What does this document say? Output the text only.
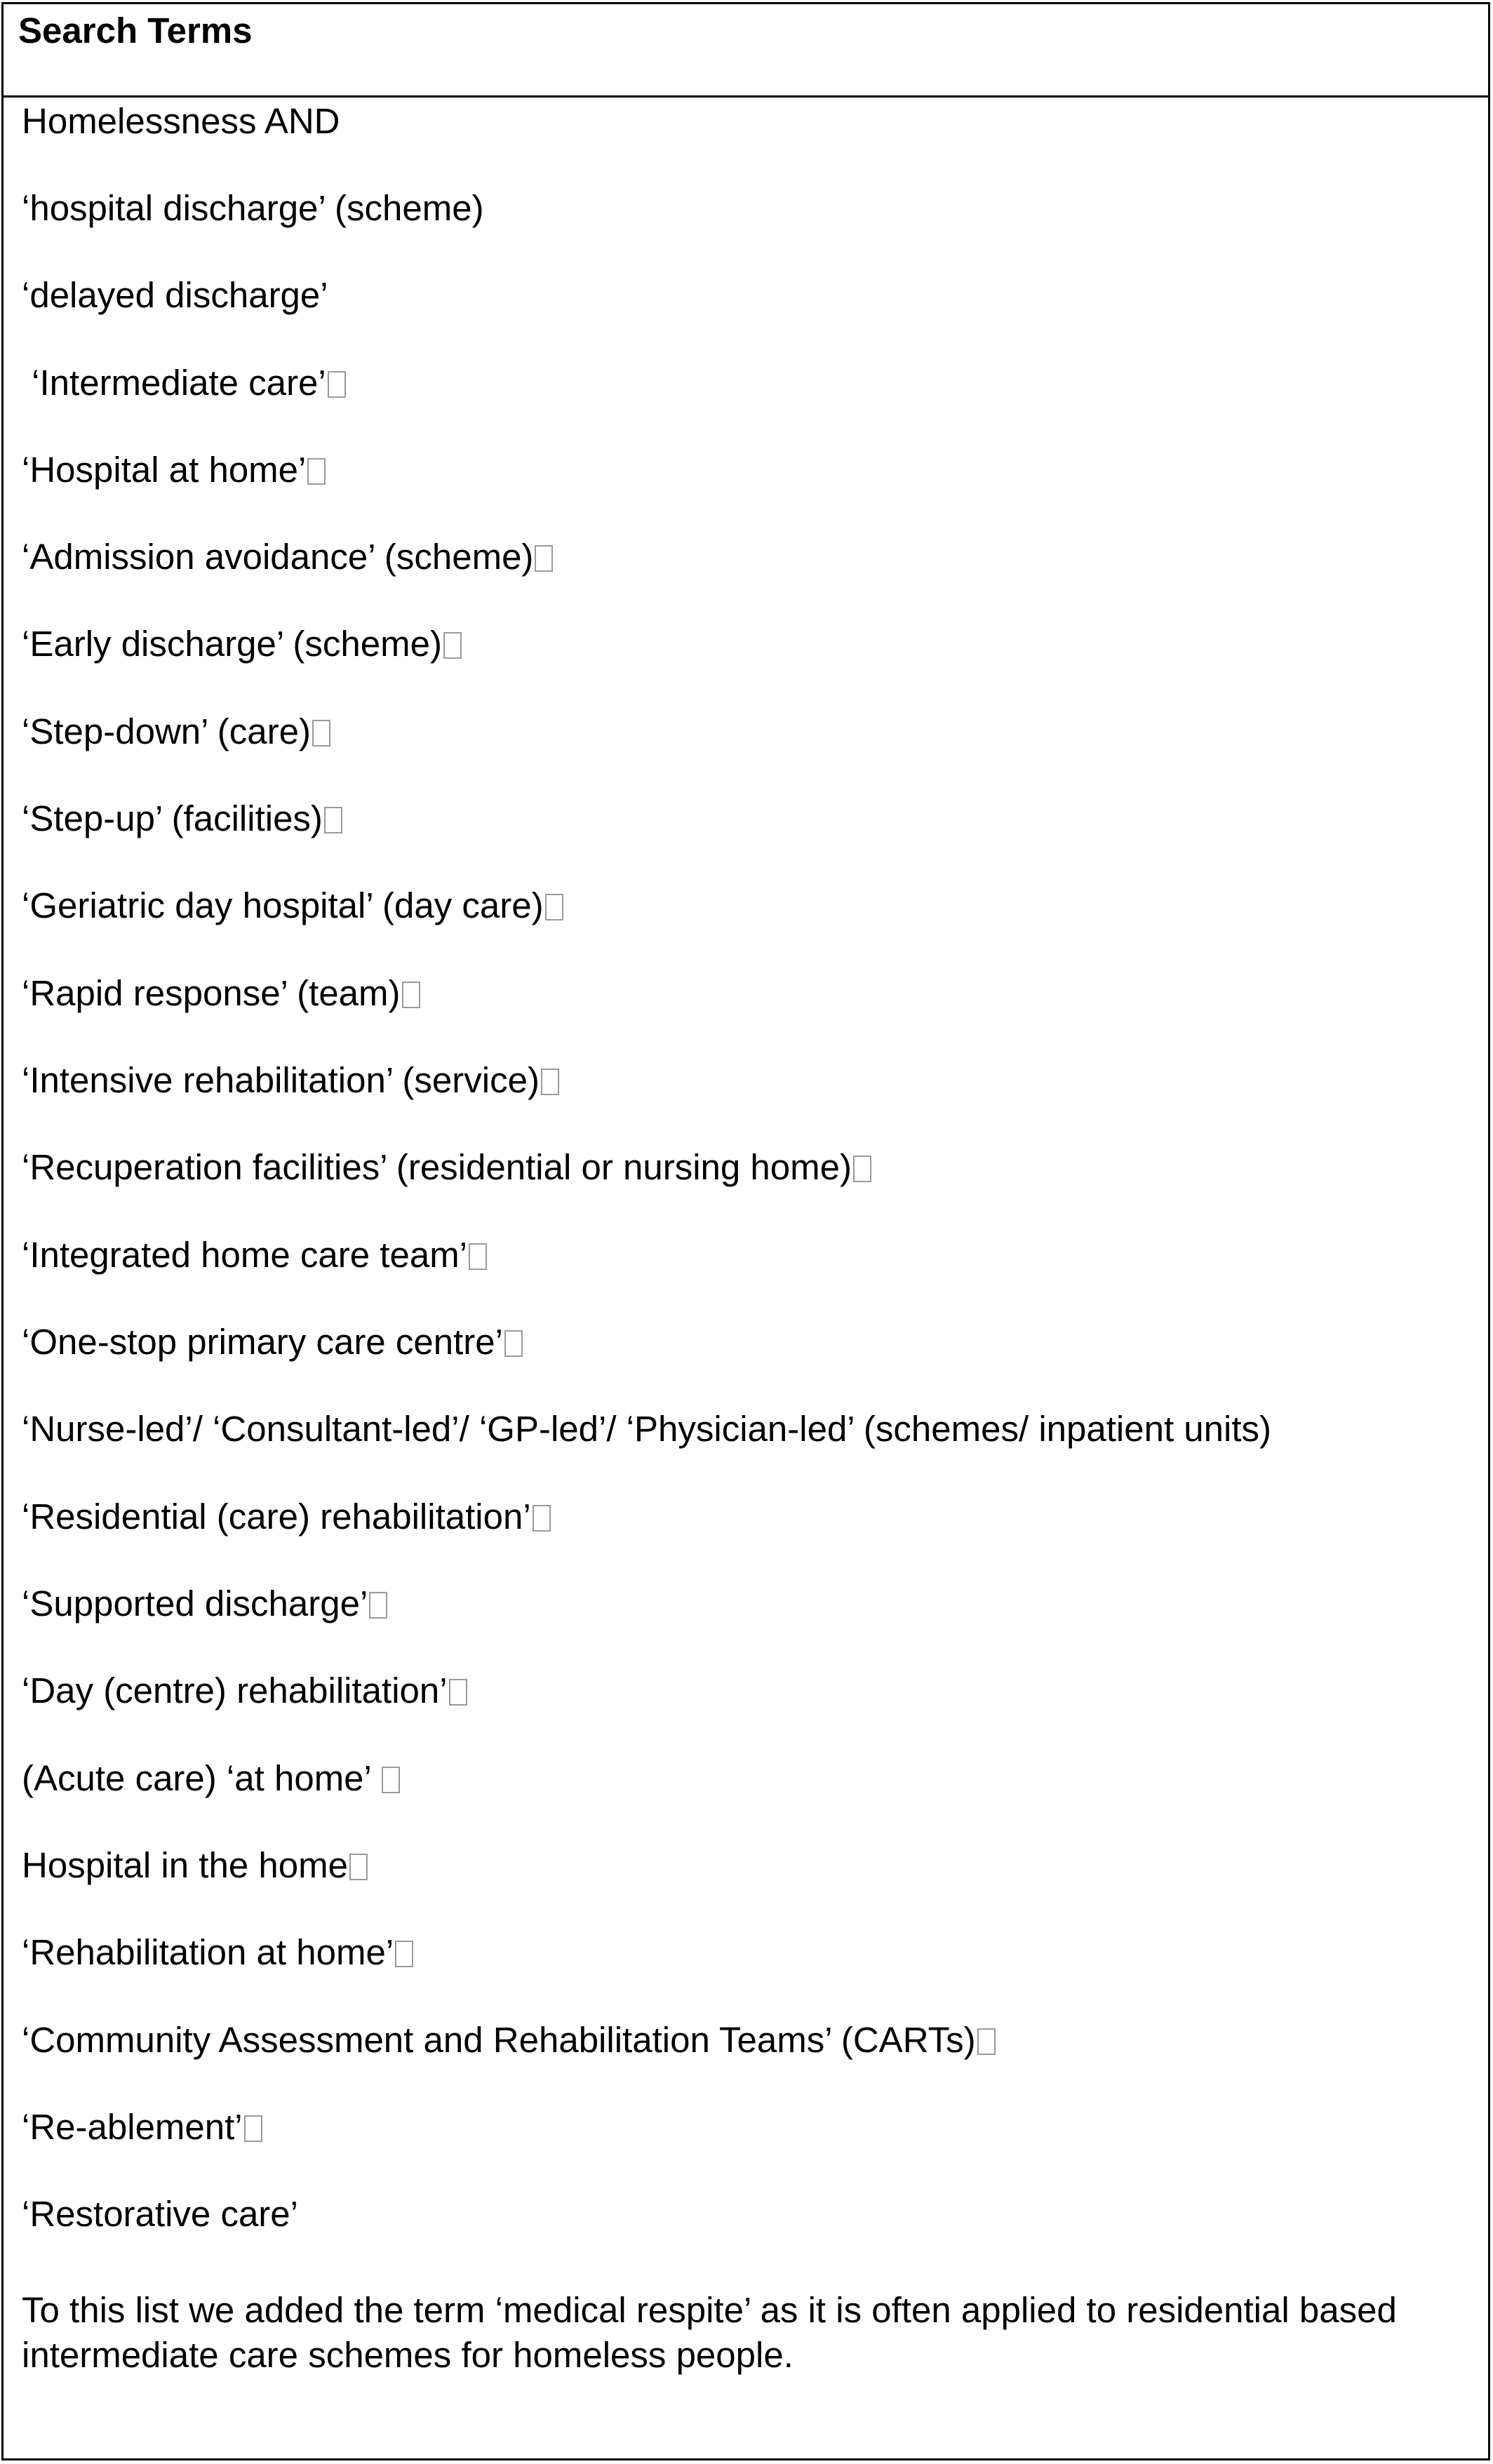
Search Terms
Homelessness AND
‘hospital discharge’ (scheme)
‘delayed discharge’
‘Intermediate care’
‘Hospital at home’
‘Admission avoidance’ (scheme)
‘Early discharge’ (scheme)
‘Step-down’ (care)
‘Step-up’ (facilities)
‘Geriatric day hospital’ (day care)
‘Rapid response’ (team)
‘Intensive rehabilitation’ (service)
‘Recuperation facilities’ (residential or nursing home)
‘Integrated home care team’
‘One-stop primary care centre’
‘Nurse-led’/ ‘Consultant-led’/ ‘GP-led’/ ‘Physician-led’ (schemes/ inpatient units)
‘Residential (care) rehabilitation’
‘Supported discharge’
‘Day (centre) rehabilitation’
(Acute care) ‘at home’
Hospital in the home
‘Rehabilitation at home’
‘Community Assessment and Rehabilitation Teams’ (CARTs)
‘Re-ablement’
‘Restorative care’

To this list we added the term ‘medical respite’ as it is often applied to residential based intermediate care schemes for homeless people.
